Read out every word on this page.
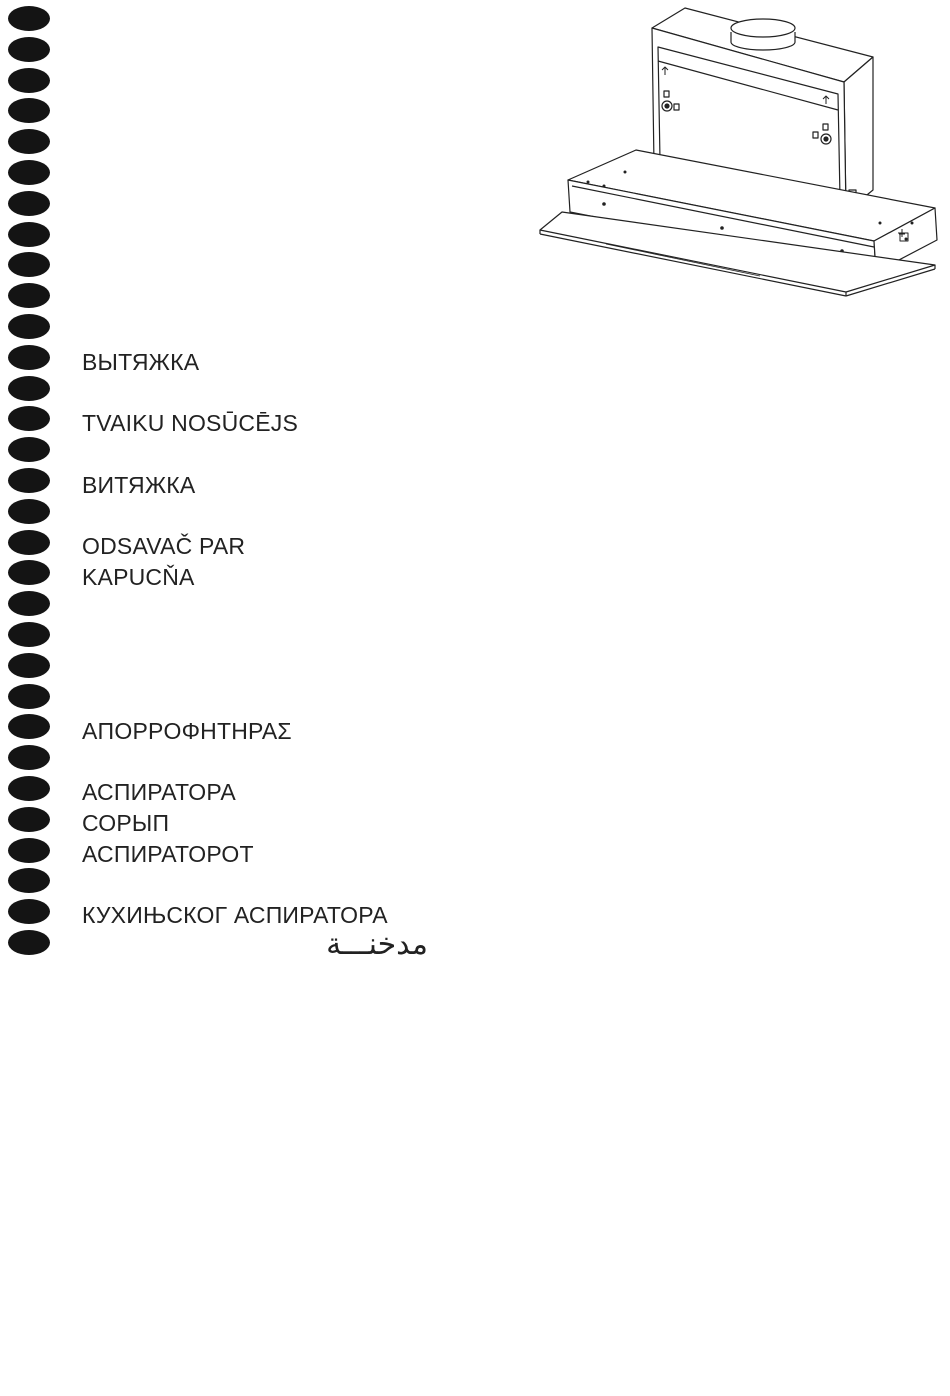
ВЫТЯЖКА
TVAIKU NOSŪCĒJS
ВИТЯЖКА
ODSAVAČ PAR
KAPUCŇA
ΑΠΟΡΡΟΦΗΤΗΡΑΣ
АСПИРАТОРА
СОРЫП
АСПИРАТОРОТ
КУХИЊСКОГ АСПИРАТОРА
مدخنـــة
